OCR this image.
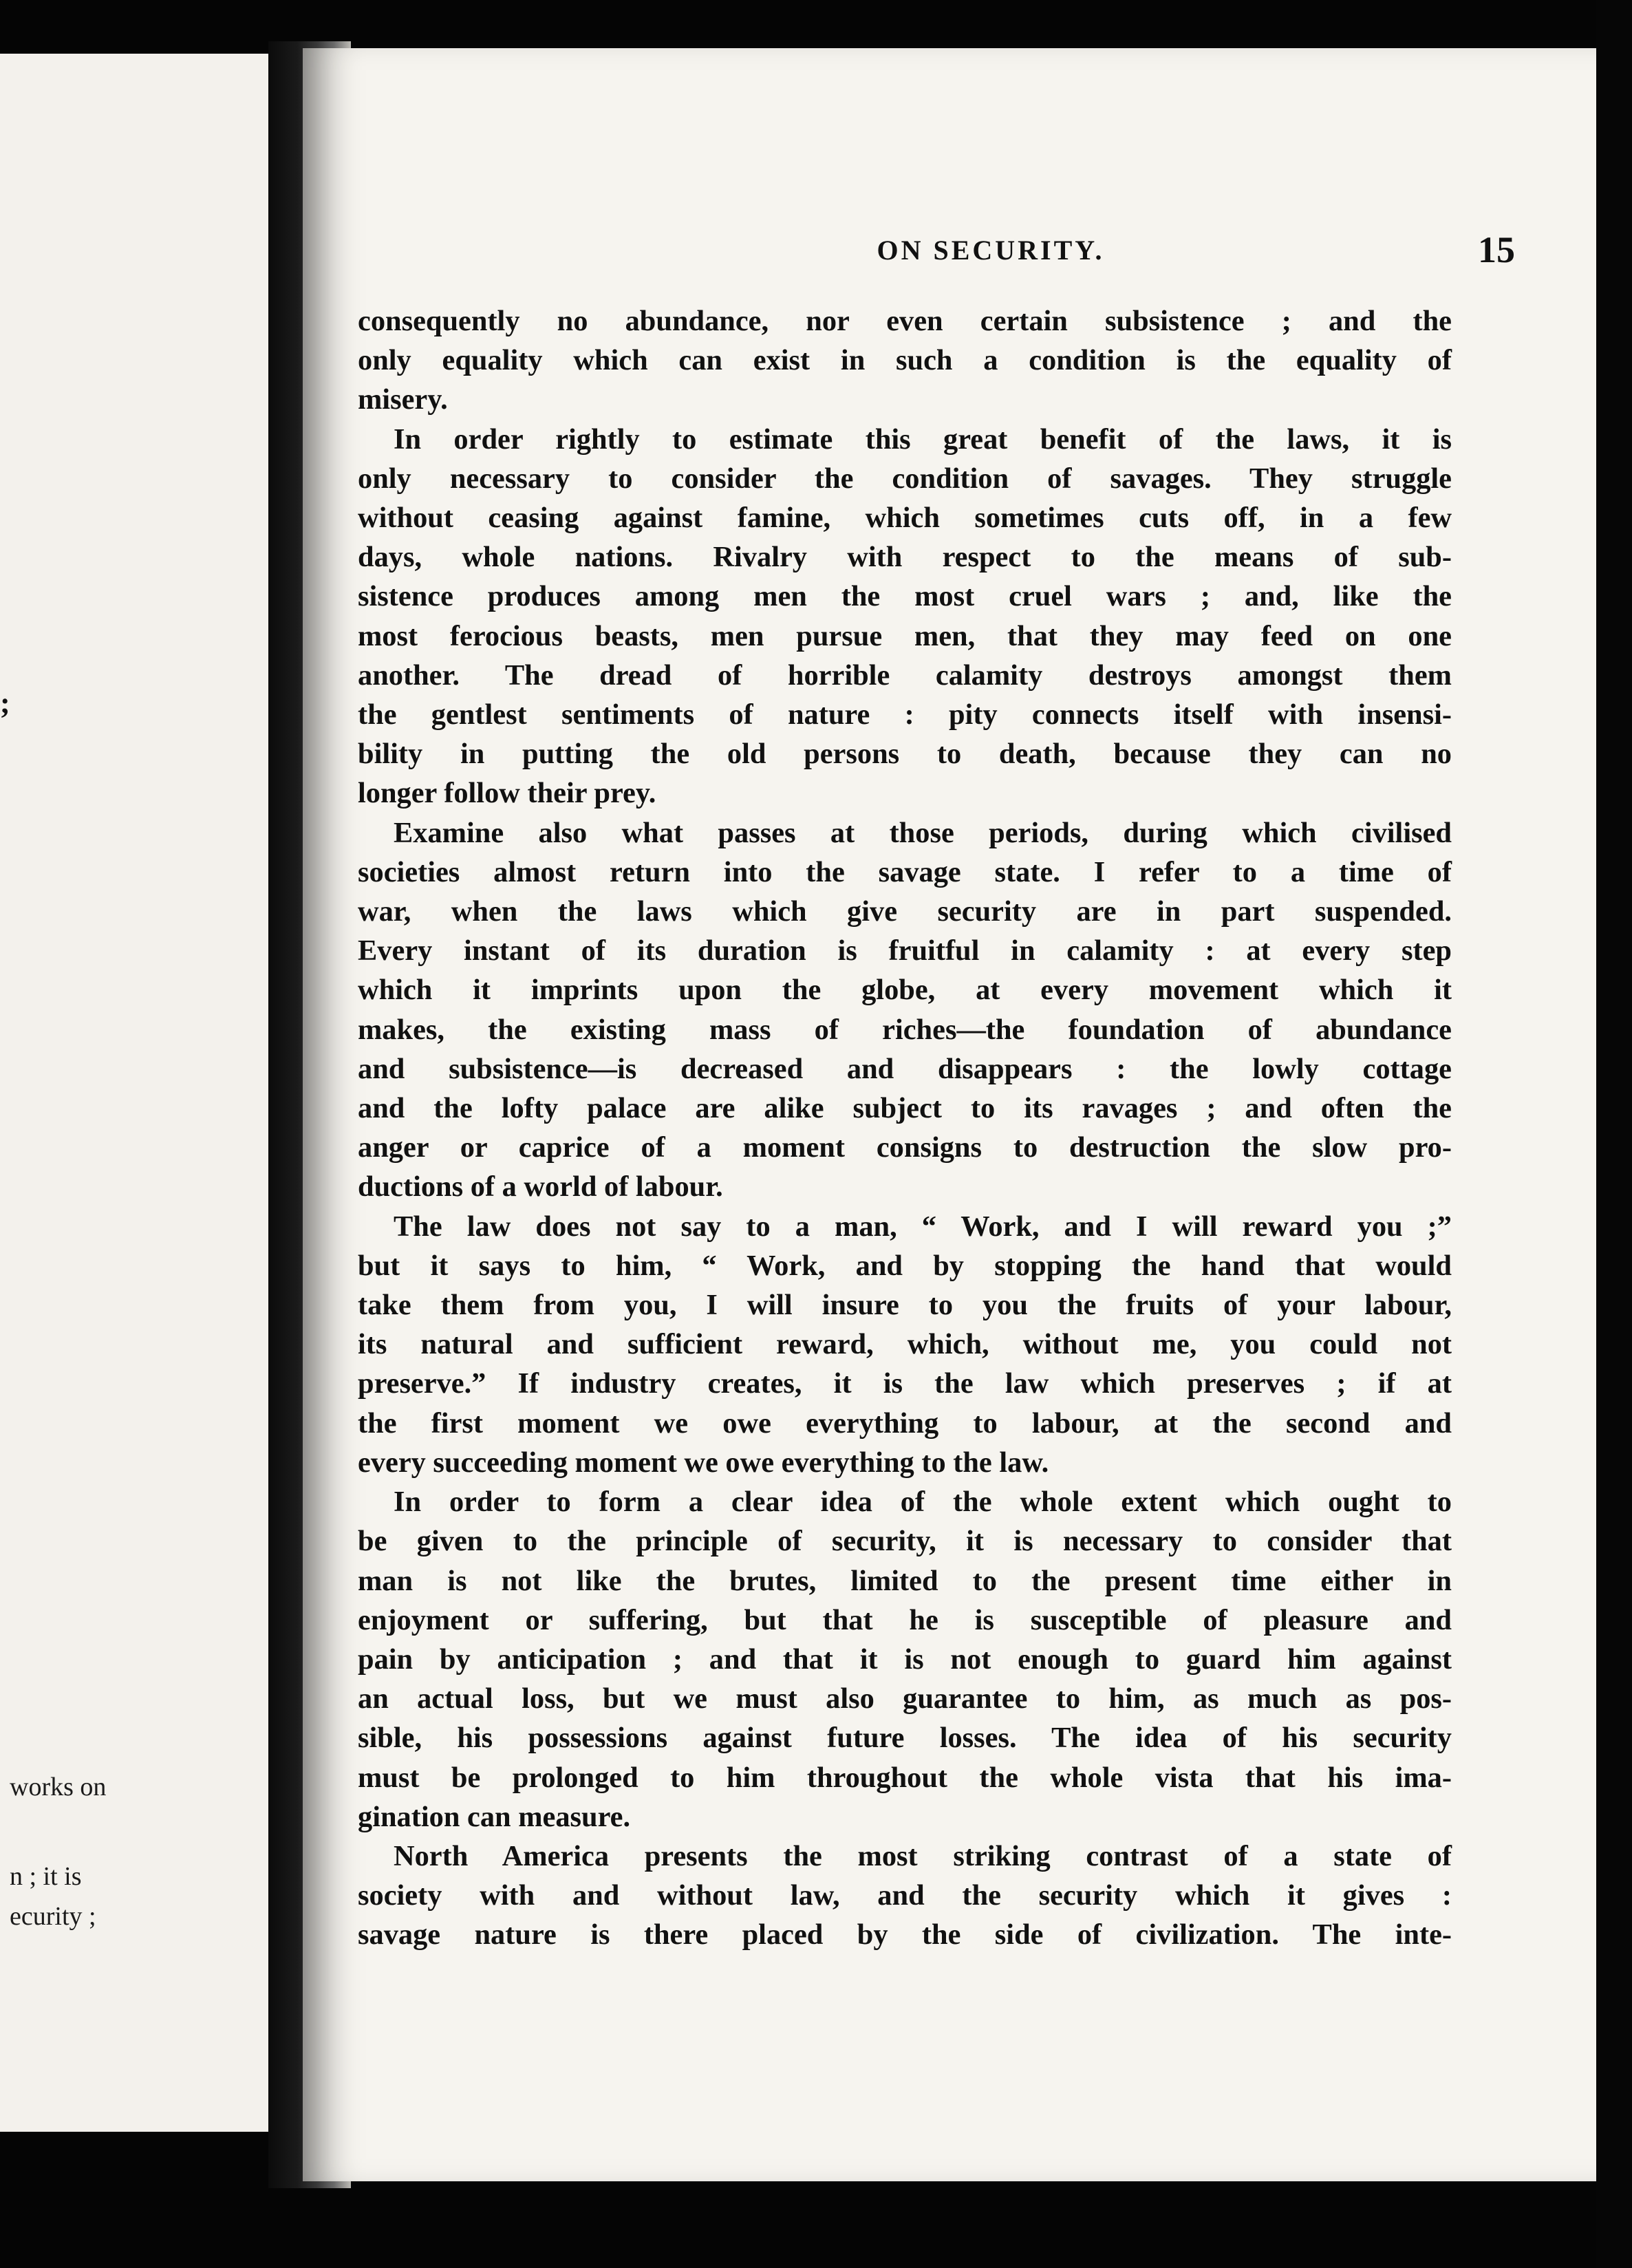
;
works on
n ; it is
ecurity ;
ON SECURITY.	15
consequently no abundance, nor even certain subsistence ; and the
only equality which can exist in such a condition is the equality of
misery.
In order rightly to estimate this great benefit of the laws, it is
only necessary to consider the condition of savages. They struggle
without ceasing against famine, which sometimes cuts off, in a few
days, whole nations. Rivalry with respect to the means of sub-
sistence produces among men the most cruel wars ; and, like the
most ferocious beasts, men pursue men, that they may feed on one
another. The dread of horrible calamity destroys amongst them
the gentlest sentiments of nature : pity connects itself with insensi-
bility in putting the old persons to death, because they can no
longer follow their prey.
Examine also what passes at those periods, during which civilised
societies almost return into the savage state. I refer to a time of
war, when the laws which give security are in part suspended.
Every instant of its duration is fruitful in calamity : at every step
which it imprints upon the globe, at every movement which it
makes, the existing mass of riches—the foundation of abundance
and subsistence—is decreased and disappears : the lowly cottage
and the lofty palace are alike subject to its ravages ; and often the
anger or caprice of a moment consigns to destruction the slow pro-
ductions of a world of labour.
The law does not say to a man, “ Work, and I will reward you ;”
but it says to him, “ Work, and by stopping the hand that would
take them from you, I will insure to you the fruits of your labour,
its natural and sufficient reward, which, without me, you could not
preserve.” If industry creates, it is the law which preserves ; if at
the first moment we owe everything to labour, at the second and
every succeeding moment we owe everything to the law.
In order to form a clear idea of the whole extent which ought to
be given to the principle of security, it is necessary to consider that
man is not like the brutes, limited to the present time either in
enjoyment or suffering, but that he is susceptible of pleasure and
pain by anticipation ; and that it is not enough to guard him against
an actual loss, but we must also guarantee to him, as much as pos-
sible, his possessions against future losses. The idea of his security
must be prolonged to him throughout the whole vista that his ima-
gination can measure.
North America presents the most striking contrast of a state of
society with and without law, and the security which it gives :
savage nature is there placed by the side of civilization. The inte-
